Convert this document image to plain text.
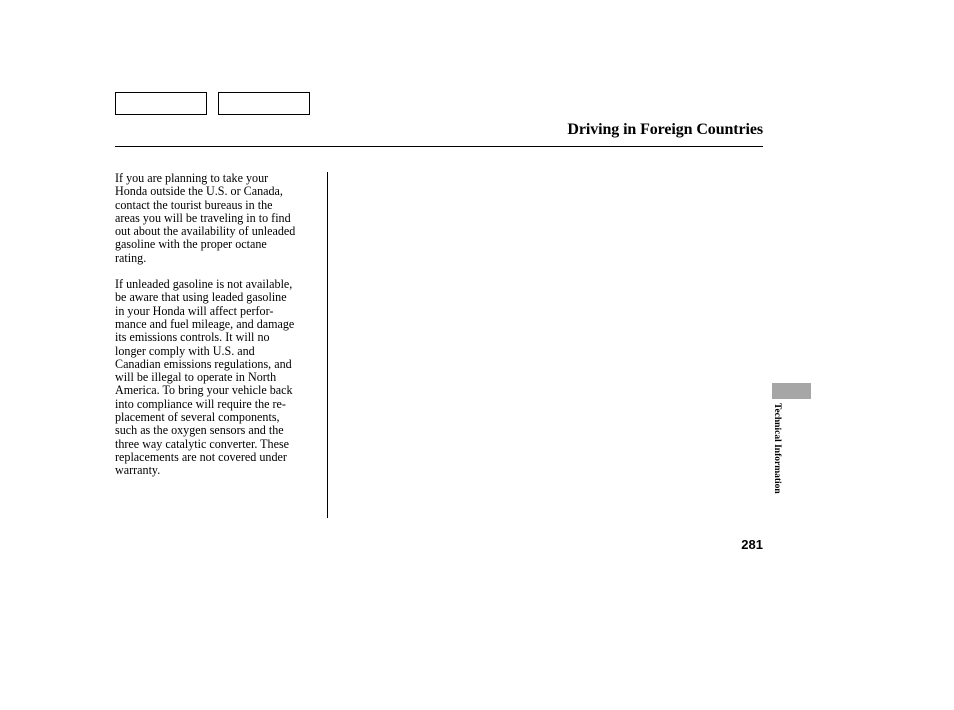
Driving in Foreign Countries

If you are planning to take your
Honda outside the U.S. or Canada,
contact the tourist bureaus in the
areas you will be traveling in to find
out about the availability of unleaded
gasoline with the proper octane
rating.

If unleaded gasoline is not available,
be aware that using leaded gasoline
in your Honda will affect perfor-
mance and fuel mileage, and damage
its emissions controls. It will no
longer comply with U.S. and
Canadian emissions regulations, and
will be illegal to operate in North
America. To bring your vehicle back
into compliance will require the re-
placement of several components,
such as the oxygen sensors and the
three way catalytic converter. These
replacements are not covered under
warranty.	Technical Information
281
